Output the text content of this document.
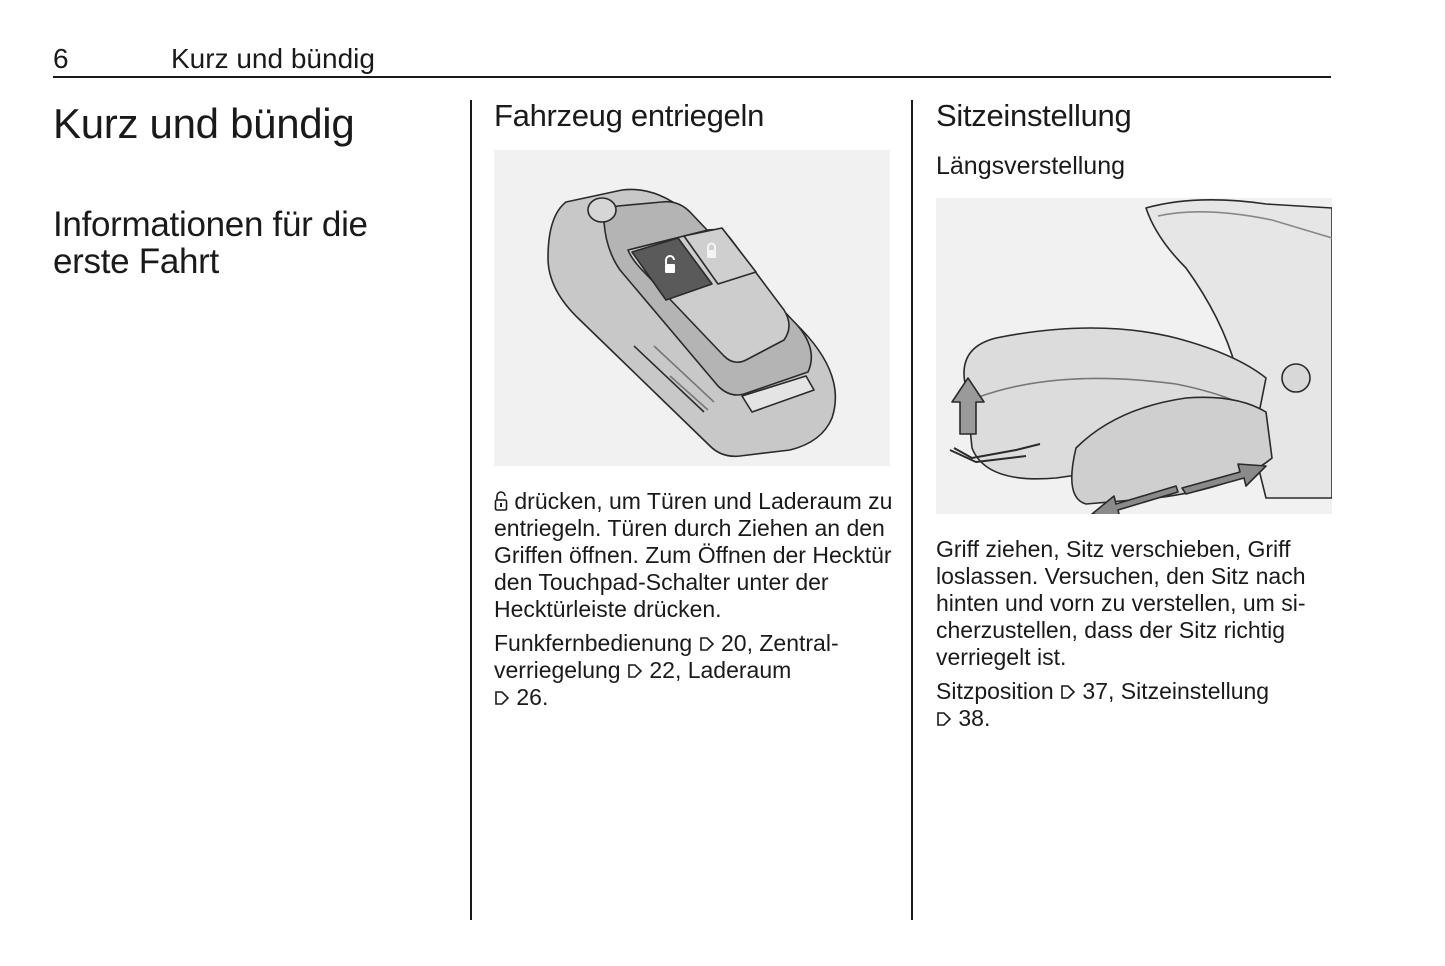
6	Kurz und bündig
Kurz und bündig
Informationen für die erste Fahrt
Fahrzeug entriegeln

drücken, um Türen und Laderaum zu entriegeln. Türen durch Ziehen an den Griffen öffnen. Zum Öffnen der Hecktür den Touchpad-Schalter unter der Hecktürleiste drücken.

Funkfernbedienung  20, Zentralverriegelung  22, Laderaum
26.

Sitzeinstellung
Längsverstellung

Griff ziehen, Sitz verschieben, Griff loslassen. Versuchen, den Sitz nach hinten und vorn zu verstellen, um sicherzustellen, dass der Sitz richtig verriegelt ist.

Sitzposition  37, Sitzeinstellung
38.
